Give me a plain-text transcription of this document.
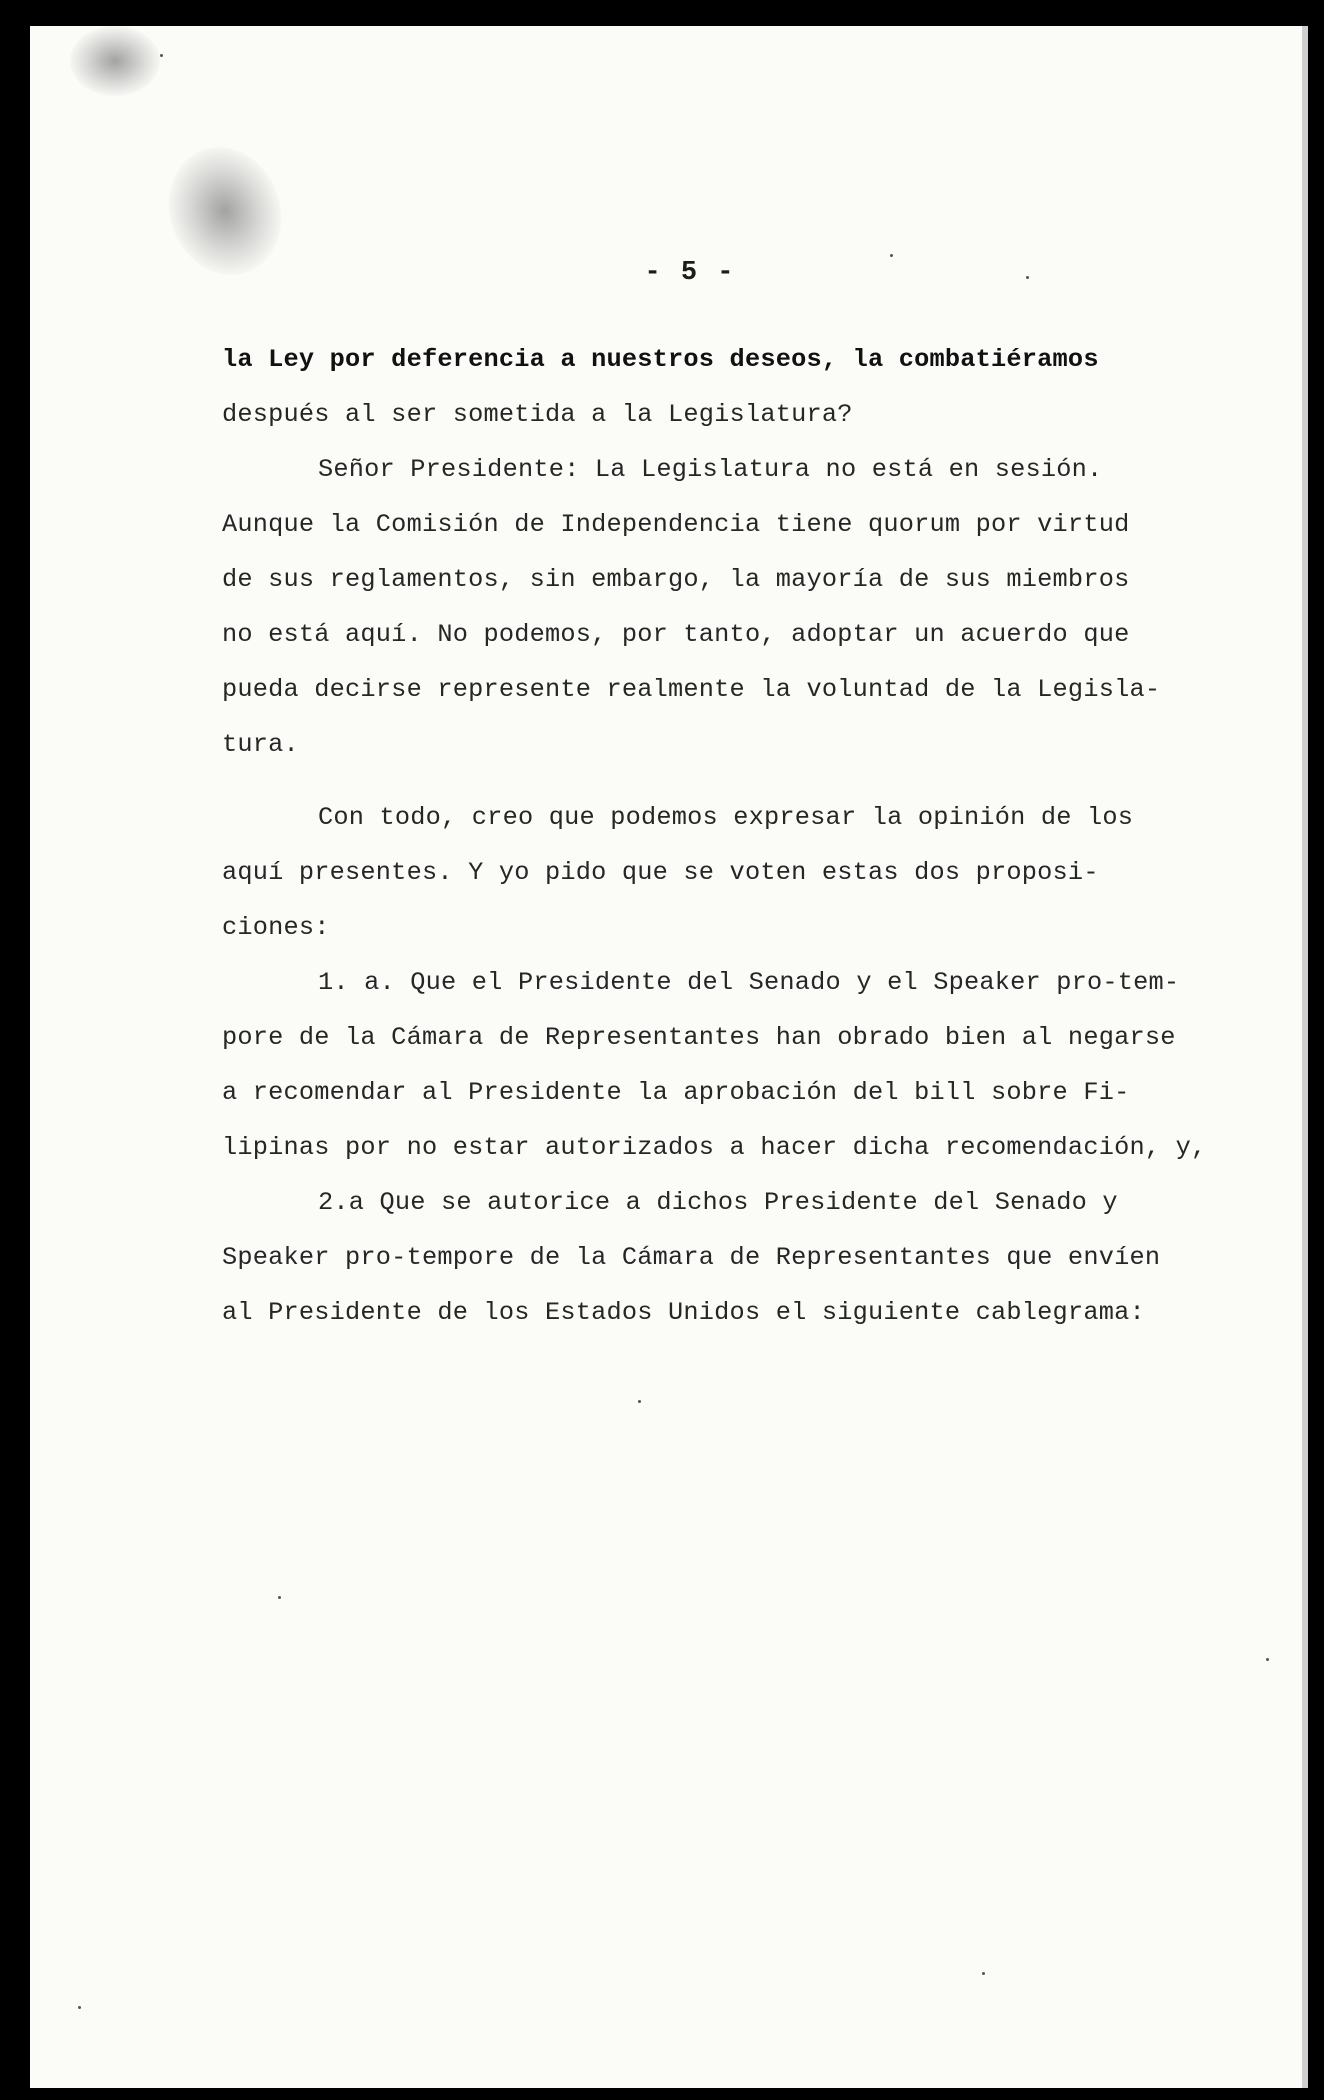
- 5 -
la Ley por deferencia a nuestros deseos, la combatiéramos
después al ser sometida a la Legislatura?
Señor Presidente: La Legislatura no está en sesión.
Aunque la Comisión de Independencia tiene quorum por virtud
de sus reglamentos, sin embargo, la mayoría de sus miembros
no está aquí. No podemos, por tanto, adoptar un acuerdo que
pueda decirse represente realmente la voluntad de la Legisla-
tura.
Con todo, creo que podemos expresar la opinión de los
aquí presentes. Y yo pido que se voten estas dos proposi-
ciones:
1. a. Que el Presidente del Senado y el Speaker pro-tem-
pore de la Cámara de Representantes han obrado bien al negarse
a recomendar al Presidente la aprobación del bill sobre Fi-
lipinas por no estar autorizados a hacer dicha recomendación, y,
2.a Que se autorice a dichos Presidente del Senado y
Speaker pro-tempore de la Cámara de Representantes que envíen
al Presidente de los Estados Unidos el siguiente cablegrama:
